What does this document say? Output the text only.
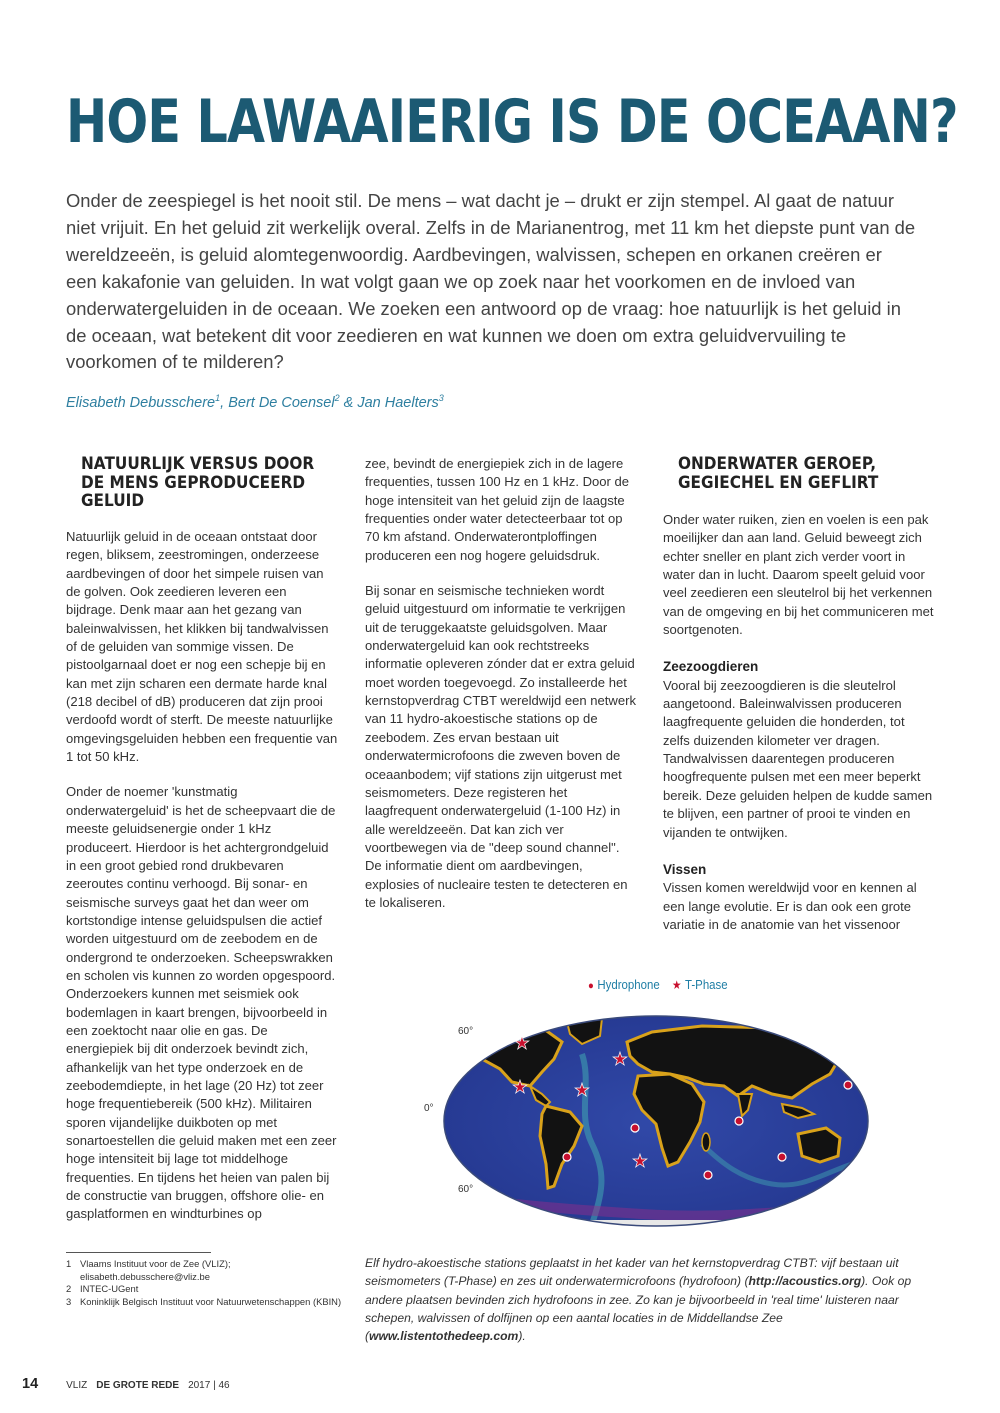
HOE LAWAAIERIG IS DE OCEAAN?

Onder de zeespiegel is het nooit stil. De mens – wat dacht je – drukt er zijn stempel. Al gaat de natuur niet vrijuit. En het geluid zit werkelijk overal. Zelfs in de Marianentrog, met 11 km het diepste punt van de wereldzeeën, is geluid alomtegenwoordig. Aardbevingen, walvissen, schepen en orkanen creëren er een kakafonie van geluiden. In wat volgt gaan we op zoek naar het voorkomen en de invloed van onderwatergeluiden in de oceaan. We zoeken een antwoord op de vraag: hoe natuurlijk is het geluid in de oceaan, wat betekent dit voor zeedieren en wat kunnen we doen om extra geluidvervuiling te voorkomen of te milderen?

Elisabeth Debusschere$^1$, Bert De Coensel$^2$ & Jan Haelters$^3$

NATUURLIJK VERSUS DOOR DE MENS GEPRODUCEERD GELUID

Natuurlijk geluid in de oceaan ontstaat door regen, bliksem, zeestromingen, onderzeese aardbevingen of door het simpele ruisen van de golven. Ook zeedieren leveren een bijdrage. Denk maar aan het gezang van baleinwalvissen, het klikken bij tandwalvissen of de geluiden van sommige vissen. De pistoolgarnaal doet er nog een schepje bij en kan met zijn scharen een dermate harde knal (218 decibel of dB) produceren dat zijn prooi verdoofd wordt of sterft. De meeste natuurlijke omgevingsgeluiden hebben een frequentie van 1 tot 50 kHz.

Onder de noemer 'kunstmatig onderwatergeluid' is het de scheepvaart die de meeste geluidsenergie onder 1 kHz produceert. Hierdoor is het achtergrondgeluid in een groot gebied rond drukbevaren zeeroutes continu verhoogd. Bij sonar- en seismische surveys gaat het dan weer om kortstondige intense geluidspulsen die actief worden uitgestuurd om de zeebodem en de ondergrond te onderzoeken. Scheepswrakken en scholen vis kunnen zo worden opgespoord. Onderzoekers kunnen met seismiek ook bodemlagen in kaart brengen, bijvoorbeeld in een zoektocht naar olie en gas. De energiepiek bij dit onderzoek bevindt zich, afhankelijk van het type onderzoek en de zeebodemdiepte, in het lage (20 Hz) tot zeer hoge frequentiebereik (500 kHz). Militairen sporen vijandelijke duikboten op met sonartoestellen die geluid maken met een zeer hoge intensiteit bij lage tot middelhoge frequenties. En tijdens het heien van palen bij de constructie van bruggen, offshore olie- en gasplatformen en windturbines op

zee, bevindt de energiepiek zich in de lagere frequenties, tussen 100 Hz en 1 kHz. Door de hoge intensiteit van het geluid zijn de laagste frequenties onder water detecteerbaar tot op 70 km afstand. Onderwaterontploffingen produceren een nog hogere geluidsdruk.

Bij sonar en seismische technieken wordt geluid uitgestuurd om informatie te verkrijgen uit de teruggekaatste geluidsgolven. Maar onderwatergeluid kan ook rechtstreeks informatie opleveren zónder dat er extra geluid moet worden toegevoegd. Zo installeerde het kernstopverdrag CTBT wereldwijd een netwerk van 11 hydro-akoestische stations op de zeebodem. Zes ervan bestaan uit onderwatermicrofoons die zweven boven de oceaanbodem; vijf stations zijn uitgerust met seismometers. Deze registeren het laagfrequent onderwatergeluid (1-100 Hz) in alle wereldzeeën. Dat kan zich ver voortbewegen via de "deep sound channel". De informatie dient om aardbevingen, explosies of nucleaire testen te detecteren en te lokaliseren.

ONDERWATER GEROEP, GEGIECHEL EN GEFLIRT

Onder water ruiken, zien en voelen is een pak moeilijker dan aan land. Geluid beweegt zich echter sneller en plant zich verder voort in water dan in lucht. Daarom speelt geluid voor veel zeedieren een sleutelrol bij het verkennen van de omgeving en bij het communiceren met soortgenoten.

Zeezoogdieren

Vooral bij zeezoogdieren is die sleutelrol aangetoond. Baleinwalvissen produceren laagfrequente geluiden die honderden, tot zelfs duizenden kilometer ver dragen. Tandwalvissen daarentegen produceren hoogfrequente pulsen met een meer beperkt bereik. Deze geluiden helpen de kudde samen te blijven, een partner of prooi te vinden en vijanden te ontwijken.

Vissen

Vissen komen wereldwijd voor en kennen al een lange evolutie. Er is dan ook een grote variatie in de anatomie van het vissenoor

● Hydrophone ★ T-Phase
60°
0°
60°
★
★
★	★
★
1 Vlaams Instituut voor de Zee (VLIZ); elisabeth.debusschere@vliz.be
2 INTEC-UGent
3 Koninklijk Belgisch Instituut voor Natuurwetenschappen (KBIN)

Elf hydro-akoestische stations geplaatst in het kader van het kernstopverdrag CTBT: vijf bestaan uit seismometers (T-Phase) en zes uit onderwatermicrofoons (hydrofoon) (http://acoustics.org). Ook op andere plaatsen bevinden zich hydrofoons in zee. Zo kan je bijvoorbeeld in 'real time' luisteren naar schepen, walvissen of dolfijnen op een aantal locaties in de Middellandse Zee (www.listentothedeep.com).

14	VLIZ DE GROTE REDE 2017 | 46
